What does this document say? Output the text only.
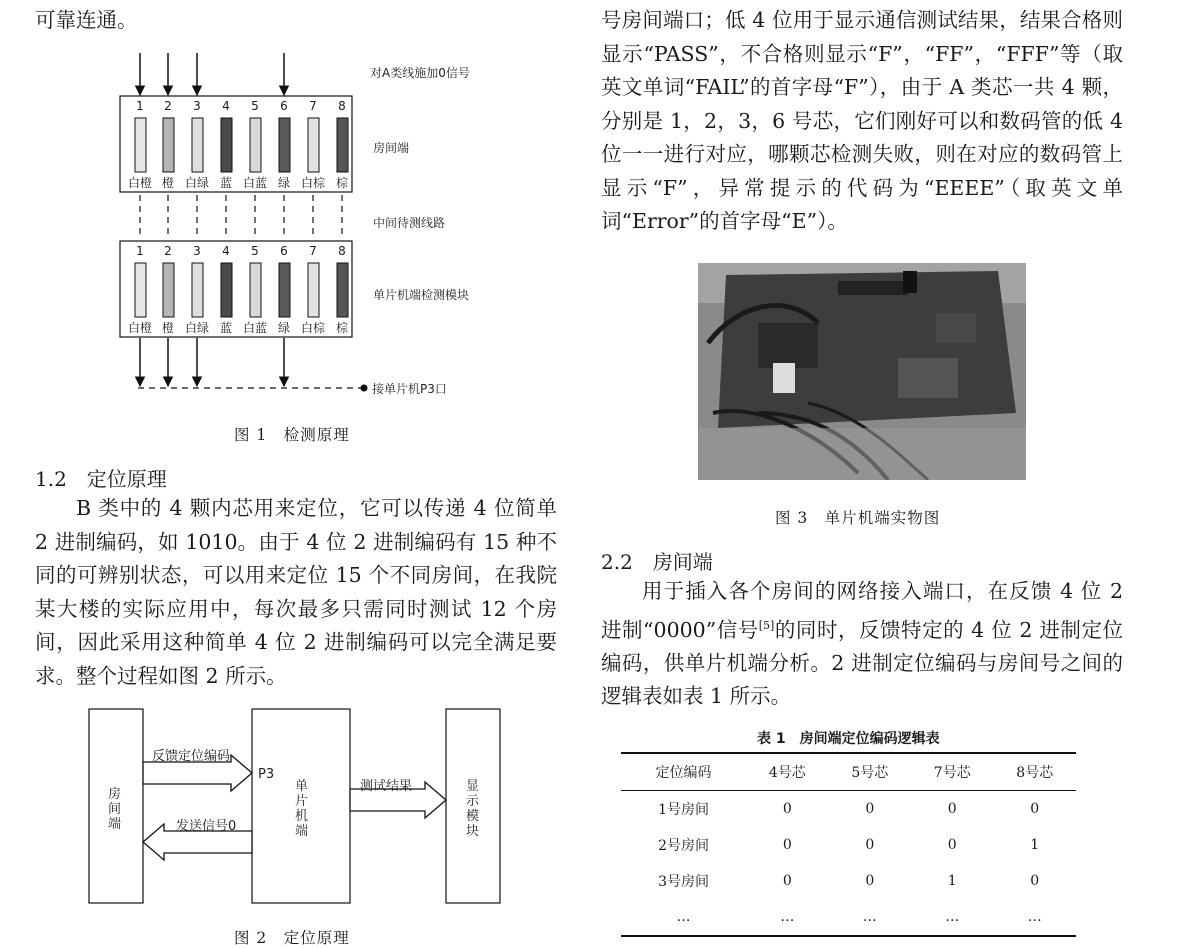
可靠连通。
对A类线施加0信号
房间端
中间待测线路
单片机端检测模块
接单片机P3口
1
白橙
2
橙
3
白绿
4
蓝
5
白蓝
6
绿
7
白棕
8
棕
1
白橙
2
橙
3
白绿
4
蓝
5
白蓝
6
绿
7
白棕
8
棕
图 1　检测原理
1.2　定位原理
B 类中的 4 颗内芯用来定位，它可以传递 4 位简单 2 进制编码，如 1010。由于 4 位 2 进制编码有 15 种不同的可辨别状态，可以用来定位 15 个不同房间，在我院某大楼的实际应用中，每次最多只需同时测试 12 个房间，因此采用这种简单 4 位 2 进制编码可以完全满足要求。整个过程如图 2 所示。
房间端
反馈定位编码
P3
单片机端
发送信号0
测试结果	显示模块
图 2　定位原理
号房间端口；低 4 位用于显示通信测试结果，结果合格则显示“PASS”，不合格则显示“F”，“FF”，“FFF”等（取英文单词“FAIL”的首字母“F”），由于 A 类芯一共 4 颗，分别是 1，2，3，6 号芯，它们刚好可以和数码管的低 4 位一一进行对应，哪颗芯检测失败，则在对应的数码管上显示“F”，异常提示的代码为“EEEE”（取英文单词“Error”的首字母“E”）。
图 3　单片机端实物图
2.2　房间端
用于插入各个房间的网络接入端口，在反馈 4 位 2 进制“0000”信号[5]的同时，反馈特定的 4 位 2 进制定位编码，供单片机端分析。2 进制定位编码与房间号之间的逻辑表如表 1 所示。
表 1　房间端定位编码逻辑表
定位编码	4号芯	5号芯	7号芯	8号芯
1号房间	0	0	0	0
2号房间	0	0	0	1
3号房间	0	0	1	0
…	…	…	…	…
